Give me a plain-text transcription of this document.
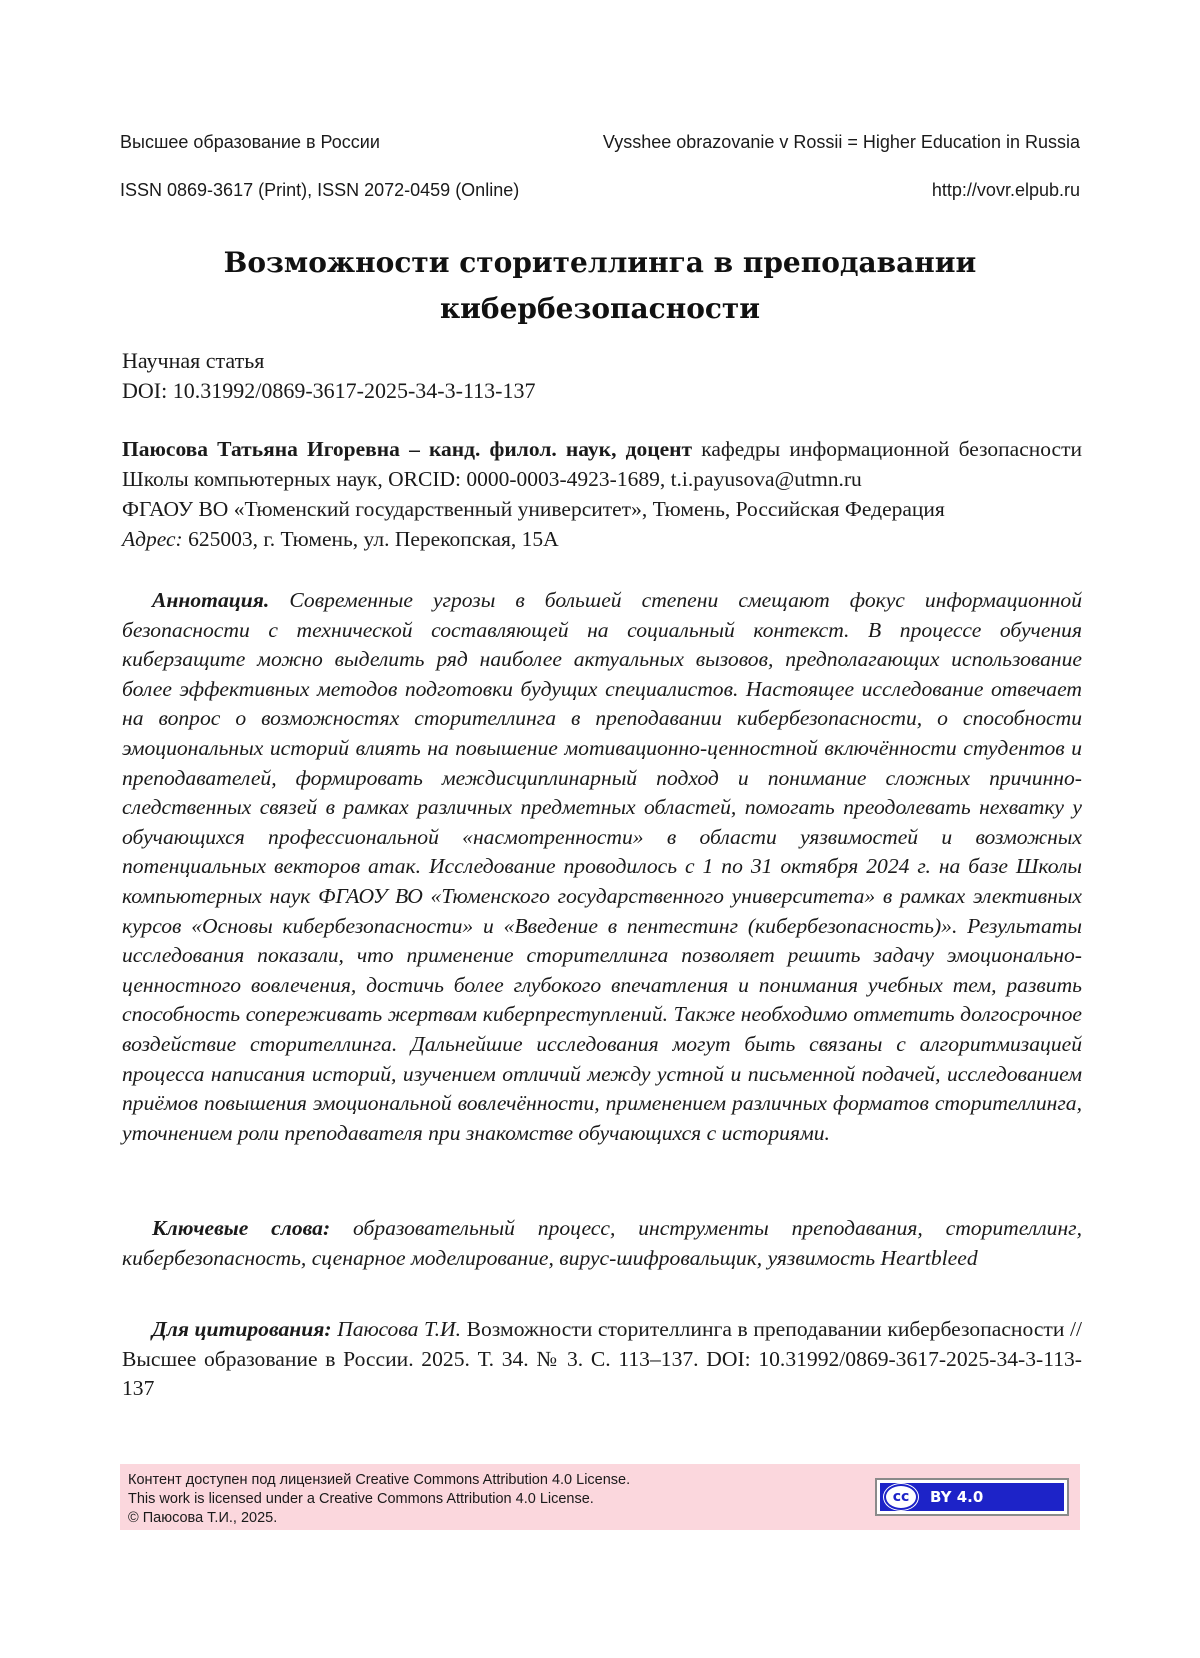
Высшее образование в России	Vysshee obrazovanie v Rossii = Higher Education in Russia
ISSN 0869-3617 (Print), ISSN 2072-0459 (Online)	http://vovr.elpub.ru
Возможности сторителлинга в преподавании
кибербезопасности
Научная статья
DOI: 10.31992/0869-3617-2025-34-3-113-137
Паюсова Татьяна Игоревна – канд. филол. наук, доцент кафедры информационной безопасности Школы компьютерных наук, ORCID: 0000-0003-4923-1689, t.i.payusova@utmn.ru
ФГАОУ ВО «Тюменский государственный университет», Тюмень, Российская Федерация
Адрес: 625003, г. Тюмень, ул. Перекопская, 15А

Аннотация. Современные угрозы в большей степени смещают фокус информационной безопасности с технической составляющей на социальный контекст. В процессе обучения киберзащите можно выделить ряд наиболее актуальных вызовов, предполагающих использование более эффективных методов подготовки будущих специалистов. Настоящее исследование отвечает на вопрос о возможностях сторителлинга в преподавании кибербезопасности, о способности эмоциональных историй влиять на повышение мотивационно-ценностной включённости студентов и преподавателей, формировать междисциплинарный подход и понимание сложных причинно-следственных связей в рамках различных предметных областей, помогать преодолевать нехватку у обучающихся профессиональной «насмотренности» в области уязвимостей и возможных потенциальных векторов атак. Исследование проводилось с 1 по 31 октября 2024 г. на базе Школы компьютерных наук ФГАОУ ВО «Тюменского государственного университета» в рамках элективных курсов «Основы кибербезопасности» и «Введение в пентестинг (кибербезопасность)». Результаты исследования показали, что применение сторителлинга позволяет решить задачу эмоционально-ценностного вовлечения, достичь более глубокого впечатления и понимания учебных тем, развить способность сопереживать жертвам киберпреступлений. Также необходимо отметить долгосрочное воздействие сторителлинга. Дальнейшие исследования могут быть связаны с алгоритмизацией процесса написания историй, изучением отличий между устной и письменной подачей, исследованием приёмов повышения эмоциональной вовлечённости, применением различных форматов сторителлинга, уточнением роли преподавателя при знакомстве обучающихся с историями.

Ключевые слова: образовательный процесс, инструменты преподавания, сторителлинг, кибербезопасность, сценарное моделирование, вирус-шифровальщик, уязвимость Heartbleed

Для цитирования: Паюсова Т.И. Возможности сторителлинга в преподавании кибербезопасности // Высшее образование в России. 2025. Т. 34. № 3. С. 113–137. DOI: 10.31992/0869-3617-2025-34-3-113-137

Контент доступен под лицензией Creative Commons Attribution 4.0 License.
This work is licensed under a Creative Commons Attribution 4.0 License.
© Паюсова Т.И., 2025.
cc	BY 4.0
